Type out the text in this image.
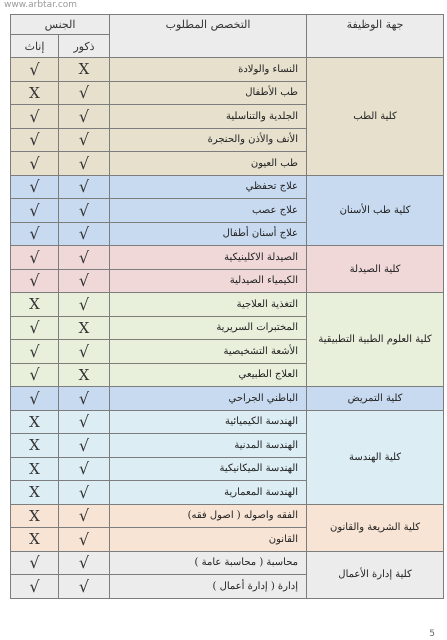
www.arbtar.com
جهة الوظيفة	التخصص المطلوب	الجنس	
		ذكور	إناث
كلية الطب	النساء والولادة	X	√
	طب الأطفال	√	X
	الجلدية والتناسلية	√	√
	الأنف والأذن والحنجرة	√	√
	طب العيون	√	√
كلية طب الأسنان	علاج تحفظي	√	√
	علاج عصب	√	√
	علاج أسنان أطفال	√	√
كلية الصيدلة	الصيدلة الاكلينيكية	√	√
	الكيمياء الصيدلية	√	√
كلية العلوم الطبية التطبيقية	التغذية العلاجية	√	X
	المختبرات السريرية	X	√
	الأشعة التشخيصية	√	√
	العلاج الطبيعي	X	√
كلية التمريض	الباطني الجراحي	√	√
كلية الهندسة	الهندسة الكيميائية	√	X
	الهندسة المدنية	√	X
	الهندسة الميكانيكية	√	X
	الهندسة المعمارية	√	X
كلية الشريعة والقانون	الفقه واصوله ( اصول فقه)	√	X
	القانون	√	X
كلية إدارة الأعمال	محاسبة ( محاسبة عامة )	√	√
	إدارة ( إدارة أعمال )	√	√
5
